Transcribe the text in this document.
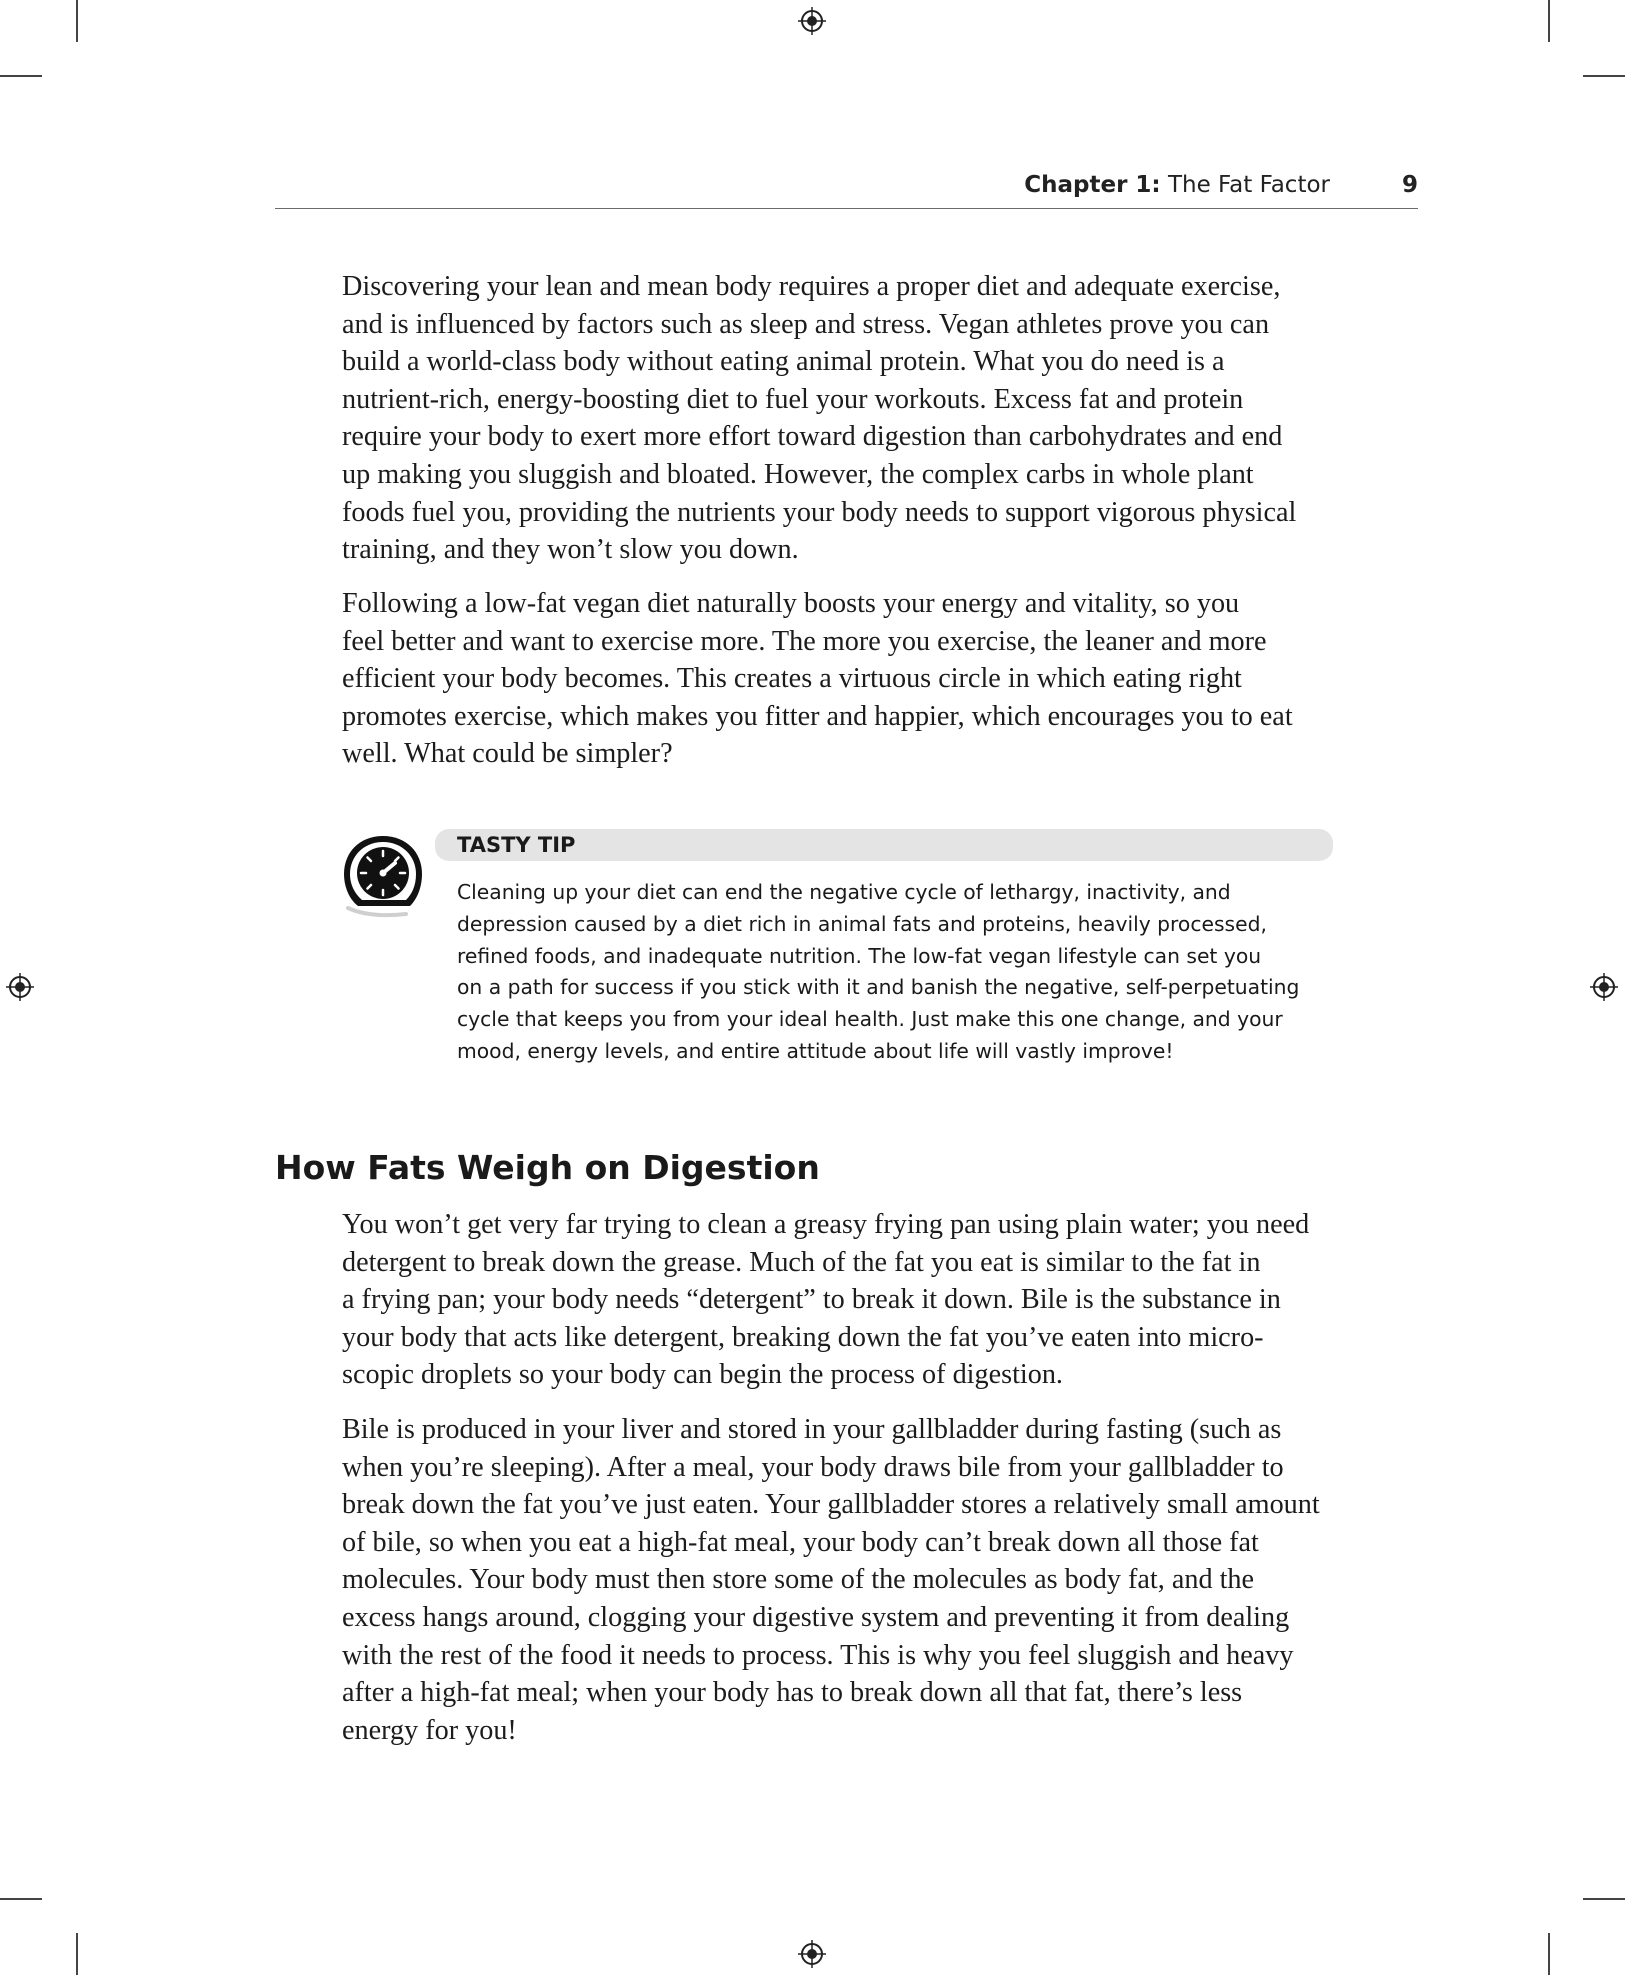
Chapter 1: The Fat Factor	9

Discovering your lean and mean body requires a proper diet and adequate exercise,
and is influenced by factors such as sleep and stress. Vegan athletes prove you can
build a world-class body without eating animal protein. What you do need is a
nutrient-rich, energy-boosting diet to fuel your workouts. Excess fat and protein
require your body to exert more effort toward digestion than carbohydrates and end
up making you sluggish and bloated. However, the complex carbs in whole plant
foods fuel you, providing the nutrients your body needs to support vigorous physical
training, and they won’t slow you down.

Following a low-fat vegan diet naturally boosts your energy and vitality, so you
feel better and want to exercise more. The more you exercise, the leaner and more
efficient your body becomes. This creates a virtuous circle in which eating right
promotes exercise, which makes you fitter and happier, which encourages you to eat
well. What could be simpler?

TASTY TIP

Cleaning up your diet can end the negative cycle of lethargy, inactivity, and
depression caused by a diet rich in animal fats and proteins, heavily processed,
refined foods, and inadequate nutrition. The low-fat vegan lifestyle can set you
on a path for success if you stick with it and banish the negative, self-perpetuating
cycle that keeps you from your ideal health. Just make this one change, and your
mood, energy levels, and entire attitude about life will vastly improve!

How Fats Weigh on Digestion

You won’t get very far trying to clean a greasy frying pan using plain water; you need
detergent to break down the grease. Much of the fat you eat is similar to the fat in
a frying pan; your body needs “detergent” to break it down. Bile is the substance in
your body that acts like detergent, breaking down the fat you’ve eaten into micro-
scopic droplets so your body can begin the process of digestion.

Bile is produced in your liver and stored in your gallbladder during fasting (such as
when you’re sleeping). After a meal, your body draws bile from your gallbladder to
break down the fat you’ve just eaten. Your gallbladder stores a relatively small amount
of bile, so when you eat a high-fat meal, your body can’t break down all those fat
molecules. Your body must then store some of the molecules as body fat, and the
excess hangs around, clogging your digestive system and preventing it from dealing
with the rest of the food it needs to process. This is why you feel sluggish and heavy
after a high-fat meal; when your body has to break down all that fat, there’s less
energy for you!
